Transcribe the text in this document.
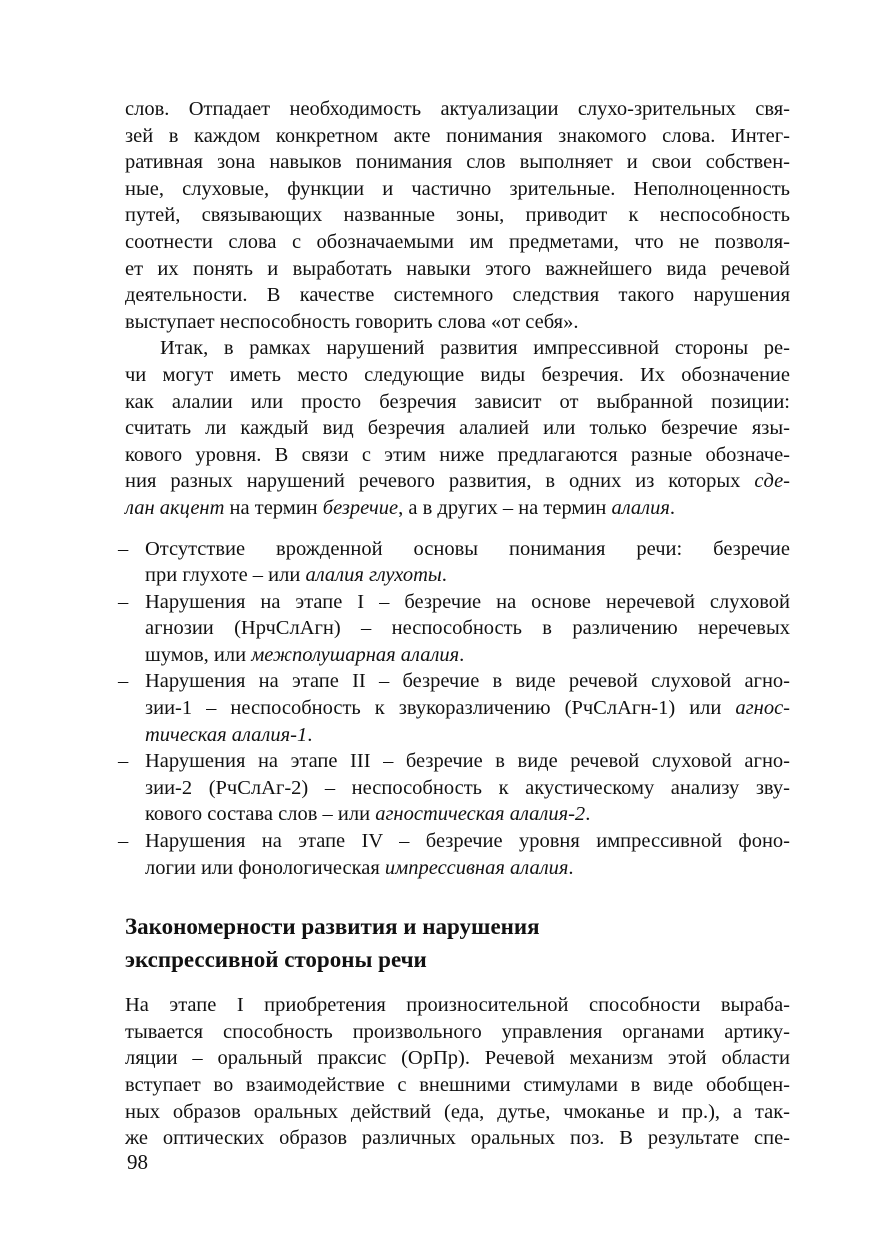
слов. Отпадает необходимость актуализации слухо-зрительных свя-
зей в каждом конкретном акте понимания знакомого слова. Интег-
ративная зона навыков понимания слов выполняет и свои собствен-
ные, слуховые, функции и частично зрительные. Неполноценность
путей, связывающих названные зоны, приводит к неспособность
соотнести слова с обозначаемыми им предметами, что не позволя-
ет их понять и выработать навыки этого важнейшего вида речевой
деятельности. В качестве системного следствия такого нарушения
выступает неспособность говорить слова «от себя».
Итак, в рамках нарушений развития импрессивной стороны ре-
чи могут иметь место следующие виды безречия. Их обозначение
как алалии или просто безречия зависит от выбранной позиции:
считать ли каждый вид безречия алалией или только безречие язы-
кового уровня. В связи с этим ниже предлагаются разные обозначе-
ния разных нарушений речевого развития, в одних из которых сде-
лан акцент на термин безречие, а в других – на термин алалия.
– Отсутствие врожденной основы понимания речи: безречие
при глухоте – или алалия глухоты.
– Нарушения на этапе I – безречие на основе неречевой слуховой
агнозии (НрчСлАгн) – неспособность в различению неречевых
шумов, или межполушарная алалия.
– Нарушения на этапе II – безречие в виде речевой слуховой агно-
зии-1 – неспособность к звукоразличению (РчСлАгн-1) или агнос-
тическая алалия-1.
– Нарушения на этапе III – безречие в виде речевой слуховой агно-
зии-2 (РчСлАг-2) – неспособность к акустическому анализу зву-
кового состава слов – или агностическая алалия-2.
– Нарушения на этапе IV – безречие уровня импрессивной фоно-
логии или фонологическая импрессивная алалия.
Закономерности развития и нарушения
экспрессивной стороны речи
На этапе I приобретения произносительной способности выраба-
тывается способность произвольного управления органами артику-
ляции – оральный праксис (ОрПр). Речевой механизм этой области
вступает во взаимодействие с внешними стимулами в виде обобщен-
ных образов оральных действий (еда, дутье, чмоканье и пр.), а так-
же оптических образов различных оральных поз. В результате спе-
98
